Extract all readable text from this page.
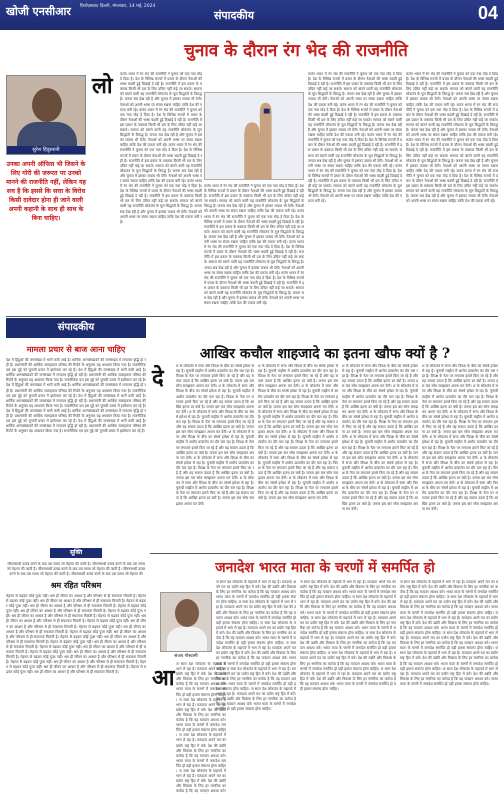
खोजी एनसीआर फ़िरोज़ाबाद दिल्ली, मंगलवार, 14 मई, 2024
संपादकीय	04
चुनाव के दौरान रंग भेद की राजनीति
सुरेश हिंदुस्तानी
उनका अपनी ऑफिस भी जिसने के लिए गोरी की जरूरत पर उनको मानने की राजनीति नहीं, लेकिन यह सच है कि इससे कि सत्ता के विरोध किसी दावेदार होना ही जाने वाली अपनी कहानी के साथ ही साथ के बिना चाहिए।
लो कतंत्र भारत में रंग भेद की राजनीति ने चुनाव को एक नया मोड़ दे दिया है। देश के विभिन्न राज्यों में प्रचार के दौरान नेताओं की भाषा बदली हुई दिखाई दे रही है। राजनीति में इस प्रकार के वक्तव्य किसी भी दल के लिए उचित नहीं कहे जा सकते। समाज को बांटने वाली यह राजनीति लोकतंत्र के मूल सिद्धांतों के विरुद्ध है। जनता सब देख रही है और चुनाव में इसका जवाब भी देगी। नेताओं को अपनी भाषा पर संयम रखना चाहिए ताकि देश की एकता बनी रहे। कतंत्र भारत में रंग भेद की राजनीति ने चुनाव को एक नया मोड़ दे दिया है। देश के विभिन्न राज्यों में प्रचार के दौरान नेताओं की भाषा बदली हुई दिखाई दे रही है। राजनीति में इस प्रकार के वक्तव्य किसी भी दल के लिए उचित नहीं कहे जा सकते। समाज को बांटने वाली यह राजनीति लोकतंत्र के मूल सिद्धांतों के विरुद्ध है। जनता सब देख रही है और चुनाव में इसका जवाब भी देगी। नेताओं को अपनी भाषा पर संयम रखना चाहिए ताकि देश की एकता बनी रहे। कतंत्र भारत में रंग भेद की राजनीति ने चुनाव को एक नया मोड़ दे दिया है। देश के विभिन्न राज्यों में प्रचार के दौरान नेताओं की भाषा बदली हुई दिखाई दे रही है। राजनीति में इस प्रकार के वक्तव्य किसी भी दल के लिए उचित नहीं कहे जा सकते। समाज को बांटने वाली यह राजनीति लोकतंत्र के मूल सिद्धांतों के विरुद्ध है। जनता सब देख रही है और चुनाव में इसका जवाब भी देगी। नेताओं को अपनी भाषा पर संयम रखना चाहिए ताकि देश की एकता बनी रहे। कतंत्र भारत में रंग भेद की राजनीति ने चुनाव को एक नया मोड़ दे दिया है। देश के विभिन्न राज्यों में प्रचार के दौरान नेताओं की भाषा बदली हुई दिखाई दे रही है। राजनीति में इस प्रकार के वक्तव्य किसी भी दल के लिए उचित नहीं कहे जा सकते। समाज को बांटने वाली यह राजनीति लोकतंत्र के मूल सिद्धांतों के विरुद्ध है। जनता सब देख रही है और चुनाव में इसका जवाब भी देगी। नेताओं को अपनी भाषा पर संयम रखना चाहिए ताकि देश की एकता बनी रहे।
कतंत्र भारत में रंग भेद की राजनीति ने चुनाव को एक नया मोड़ दे दिया है। देश के विभिन्न राज्यों में प्रचार के दौरान नेताओं की भाषा बदली हुई दिखाई दे रही है। राजनीति में इस प्रकार के वक्तव्य किसी भी दल के लिए उचित नहीं कहे जा सकते। समाज को बांटने वाली यह राजनीति लोकतंत्र के मूल सिद्धांतों के विरुद्ध है। जनता सब देख रही है और चुनाव में इसका जवाब भी देगी। नेताओं को अपनी भाषा पर संयम रखना चाहिए ताकि देश की एकता बनी रहे। कतंत्र भारत में रंग भेद की राजनीति ने चुनाव को एक नया मोड़ दे दिया है। देश के विभिन्न राज्यों में प्रचार के दौरान नेताओं की भाषा बदली हुई दिखाई दे रही है। राजनीति में इस प्रकार के वक्तव्य किसी भी दल के लिए उचित नहीं कहे जा सकते। समाज को बांटने वाली यह राजनीति लोकतंत्र के मूल सिद्धांतों के विरुद्ध है। जनता सब देख रही है और चुनाव में इसका जवाब भी देगी। नेताओं को अपनी भाषा पर संयम रखना चाहिए ताकि देश की एकता बनी रहे। कतंत्र भारत में रंग भेद की राजनीति ने चुनाव को एक नया मोड़ दे दिया है। देश के विभिन्न राज्यों में प्रचार के दौरान नेताओं की भाषा बदली हुई दिखाई दे रही है। राजनीति में इस प्रकार के वक्तव्य किसी भी दल के लिए उचित नहीं कहे जा सकते। समाज को बांटने वाली यह राजनीति लोकतंत्र के मूल सिद्धांतों के विरुद्ध है। जनता सब देख रही है और चुनाव में इसका जवाब भी देगी। नेताओं को अपनी भाषा पर संयम रखना चाहिए ताकि देश की एकता बनी रहे। कतंत्र भारत में रंग भेद की राजनीति ने चुनाव को एक नया मोड़ दे दिया है। देश के विभिन्न राज्यों में प्रचार के दौरान नेताओं की भाषा बदली हुई दिखाई दे रही है। राजनीति में इस प्रकार के वक्तव्य किसी भी दल के लिए उचित नहीं कहे जा सकते। समाज को बांटने वाली यह राजनीति लोकतंत्र के मूल सिद्धांतों के विरुद्ध है। जनता सब देख रही है और चुनाव में इसका जवाब भी देगी। नेताओं को अपनी भाषा पर संयम रखना चाहिए ताकि देश की एकता बनी रहे।
कतंत्र भारत में रंग भेद की राजनीति ने चुनाव को एक नया मोड़ दे दिया है। देश के विभिन्न राज्यों में प्रचार के दौरान नेताओं की भाषा बदली हुई दिखाई दे रही है। राजनीति में इस प्रकार के वक्तव्य किसी भी दल के लिए उचित नहीं कहे जा सकते। समाज को बांटने वाली यह राजनीति लोकतंत्र के मूल सिद्धांतों के विरुद्ध है। जनता सब देख रही है और चुनाव में इसका जवाब भी देगी। नेताओं को अपनी भाषा पर संयम रखना चाहिए ताकि देश की एकता बनी रहे। कतंत्र भारत में रंग भेद की राजनीति ने चुनाव को एक नया मोड़ दे दिया है। देश के विभिन्न राज्यों में प्रचार के दौरान नेताओं की भाषा बदली हुई दिखाई दे रही है। राजनीति में इस प्रकार के वक्तव्य किसी भी दल के लिए उचित नहीं कहे जा सकते। समाज को बांटने वाली यह राजनीति लोकतंत्र के मूल सिद्धांतों के विरुद्ध है। जनता सब देख रही है और चुनाव में इसका जवाब भी देगी। नेताओं को अपनी भाषा पर संयम रखना चाहिए ताकि देश की एकता बनी रहे। कतंत्र भारत में रंग भेद की राजनीति ने चुनाव को एक नया मोड़ दे दिया है। देश के विभिन्न राज्यों में प्रचार के दौरान नेताओं की भाषा बदली हुई दिखाई दे रही है। राजनीति में इस प्रकार के वक्तव्य किसी भी दल के लिए उचित नहीं कहे जा सकते। समाज को बांटने वाली यह राजनीति लोकतंत्र के मूल सिद्धांतों के विरुद्ध है। जनता सब देख रही है और चुनाव में इसका जवाब भी देगी। नेताओं को अपनी भाषा पर संयम रखना चाहिए ताकि देश की एकता बनी रहे। कतंत्र भारत में रंग भेद की राजनीति ने चुनाव को एक नया मोड़ दे दिया है। देश के विभिन्न राज्यों में प्रचार के दौरान नेताओं की भाषा बदली हुई दिखाई दे रही है। राजनीति में इस प्रकार के वक्तव्य किसी भी दल के लिए उचित नहीं कहे जा सकते। समाज को बांटने वाली यह राजनीति लोकतंत्र के मूल सिद्धांतों के विरुद्ध है। जनता सब देख रही है और चुनाव में इसका जवाब भी देगी। नेताओं को अपनी भाषा पर संयम रखना चाहिए ताकि देश की एकता बनी रहे।
कतंत्र भारत में रंग भेद की राजनीति ने चुनाव को एक नया मोड़ दे दिया है। देश के विभिन्न राज्यों में प्रचार के दौरान नेताओं की भाषा बदली हुई दिखाई दे रही है। राजनीति में इस प्रकार के वक्तव्य किसी भी दल के लिए उचित नहीं कहे जा सकते। समाज को बांटने वाली यह राजनीति लोकतंत्र के मूल सिद्धांतों के विरुद्ध है। जनता सब देख रही है और चुनाव में इसका जवाब भी देगी। नेताओं को अपनी भाषा पर संयम रखना चाहिए ताकि देश की एकता बनी रहे। कतंत्र भारत में रंग भेद की राजनीति ने चुनाव को एक नया मोड़ दे दिया है। देश के विभिन्न राज्यों में प्रचार के दौरान नेताओं की भाषा बदली हुई दिखाई दे रही है। राजनीति में इस प्रकार के वक्तव्य किसी भी दल के लिए उचित नहीं कहे जा सकते। समाज को बांटने वाली यह राजनीति लोकतंत्र के मूल सिद्धांतों के विरुद्ध है। जनता सब देख रही है और चुनाव में इसका जवाब भी देगी। नेताओं को अपनी भाषा पर संयम रखना चाहिए ताकि देश की एकता बनी रहे। कतंत्र भारत में रंग भेद की राजनीति ने चुनाव को एक नया मोड़ दे दिया है। देश के विभिन्न राज्यों में प्रचार के दौरान नेताओं की भाषा बदली हुई दिखाई दे रही है। राजनीति में इस प्रकार के वक्तव्य किसी भी दल के लिए उचित नहीं कहे जा सकते। समाज को बांटने वाली यह राजनीति लोकतंत्र के मूल सिद्धांतों के विरुद्ध है। जनता सब देख रही है और चुनाव में इसका जवाब भी देगी। नेताओं को अपनी भाषा पर संयम रखना चाहिए ताकि देश की एकता बनी रहे। कतंत्र भारत में रंग भेद की राजनीति ने चुनाव को एक नया मोड़ दे दिया है। देश के विभिन्न राज्यों में प्रचार के दौरान नेताओं की भाषा बदली हुई दिखाई दे रही है। राजनीति में इस प्रकार के वक्तव्य किसी भी दल के लिए उचित नहीं कहे जा सकते। समाज को बांटने वाली यह राजनीति लोकतंत्र के मूल सिद्धांतों के विरुद्ध है। जनता सब देख रही है और चुनाव में इसका जवाब भी देगी। नेताओं को अपनी भाषा पर संयम रखना चाहिए ताकि देश की एकता बनी रहे।
संपादकीय
मामला प्रचार से बाज आना चाहिए
देश में हिंदुओं की जनसंख्या में भारी कमी आई है। धार्मिक अल्पसंख्यकों की जनसंख्या में लगातार वृद्धि हो रही है। प्रधानमंत्री की आर्थिक सलाहकार परिषद की रिपोर्ट के अनुसार यह अध्ययन किया गया है। राजनीतिक दल इस मुद्दे को चुनावी प्रचार में इस्तेमाल कर रहे हैं। देश में हिंदुओं की जनसंख्या में भारी कमी आई है। धार्मिक अल्पसंख्यकों की जनसंख्या में लगातार वृद्धि हो रही है। प्रधानमंत्री की आर्थिक सलाहकार परिषद की रिपोर्ट के अनुसार यह अध्ययन किया गया है। राजनीतिक दल इस मुद्दे को चुनावी प्रचार में इस्तेमाल कर रहे हैं। देश में हिंदुओं की जनसंख्या में भारी कमी आई है। धार्मिक अल्पसंख्यकों की जनसंख्या में लगातार वृद्धि हो रही है। प्रधानमंत्री की आर्थिक सलाहकार परिषद की रिपोर्ट के अनुसार यह अध्ययन किया गया है। राजनीतिक दल इस मुद्दे को चुनावी प्रचार में इस्तेमाल कर रहे हैं। देश में हिंदुओं की जनसंख्या में भारी कमी आई है। धार्मिक अल्पसंख्यकों की जनसंख्या में लगातार वृद्धि हो रही है। प्रधानमंत्री की आर्थिक सलाहकार परिषद की रिपोर्ट के अनुसार यह अध्ययन किया गया है। राजनीतिक दल इस मुद्दे को चुनावी प्रचार में इस्तेमाल कर रहे हैं। देश में हिंदुओं की जनसंख्या में भारी कमी आई है। धार्मिक अल्पसंख्यकों की जनसंख्या में लगातार वृद्धि हो रही है। प्रधानमंत्री की आर्थिक सलाहकार परिषद की रिपोर्ट के अनुसार यह अध्ययन किया गया है। राजनीतिक दल इस मुद्दे को चुनावी प्रचार में इस्तेमाल कर रहे हैं। देश में हिंदुओं की जनसंख्या में भारी कमी आई है। धार्मिक अल्पसंख्यकों की जनसंख्या में लगातार वृद्धि हो रही है। प्रधानमंत्री की आर्थिक सलाहकार परिषद की रिपोर्ट के अनुसार यह अध्ययन किया गया है। राजनीतिक दल इस मुद्दे को चुनावी प्रचार में इस्तेमाल कर रहे हैं।
सूक्ति
जीवनसाथी उत्पन्न करने के बाद उस समय जो मेहनत की जाती है। जीवनसाथी उत्पन्न करने के बाद उस समय जो मेहनत की जाती है। जीवनसाथी उत्पन्न करने के बाद उस समय जो मेहनत की जाती है। जीवनसाथी उत्पन्न करने के बाद उस समय जो मेहनत की जाती है। जीवनसाथी उत्पन्न करने के बाद उस समय जो मेहनत की
श्रम रहित परिश्रम
मेहनत से बढ़कर कोई पूजा नहीं। श्रम ही जीवन का आधार है और परिश्रम से ही सफलता मिलती है। मेहनत से बढ़कर कोई पूजा नहीं। श्रम ही जीवन का आधार है और परिश्रम से ही सफलता मिलती है। मेहनत से बढ़कर कोई पूजा नहीं। श्रम ही जीवन का आधार है और परिश्रम से ही सफलता मिलती है। मेहनत से बढ़कर कोई पूजा नहीं। श्रम ही जीवन का आधार है और परिश्रम से ही सफलता मिलती है। मेहनत से बढ़कर कोई पूजा नहीं। श्रम ही जीवन का आधार है और परिश्रम से ही सफलता मिलती है। मेहनत से बढ़कर कोई पूजा नहीं। श्रम ही जीवन का आधार है और परिश्रम से ही सफलता मिलती है। मेहनत से बढ़कर कोई पूजा नहीं। श्रम ही जीवन का आधार है और परिश्रम से ही सफलता मिलती है। मेहनत से बढ़कर कोई पूजा नहीं। श्रम ही जीवन का आधार है और परिश्रम से ही सफलता मिलती है। मेहनत से बढ़कर कोई पूजा नहीं। श्रम ही जीवन का आधार है और परिश्रम से ही सफलता मिलती है। मेहनत से बढ़कर कोई पूजा नहीं। श्रम ही जीवन का आधार है और परिश्रम से ही सफलता मिलती है। मेहनत से बढ़कर कोई पूजा नहीं। श्रम ही जीवन का आधार है और परिश्रम से ही सफलता मिलती है। मेहनत से बढ़कर कोई पूजा नहीं। श्रम ही जीवन का आधार है और परिश्रम से ही सफलता मिलती है। मेहनत से बढ़कर कोई पूजा नहीं। श्रम ही जीवन का आधार है और परिश्रम से ही सफलता मिलती है। मेहनत से बढ़कर कोई पूजा नहीं। श्रम ही जीवन का आधार है और परिश्रम से ही सफलता मिलती है। मेहनत से बढ़कर कोई पूजा नहीं। श्रम ही जीवन का आधार है और परिश्रम से ही सफलता मिलती है। मेहनत से बढ़कर कोई पूजा नहीं। श्रम ही जीवन का आधार है और परिश्रम से ही सफलता मिलती है। मेहनत से बढ़कर कोई पूजा नहीं। श्रम ही जीवन का आधार है और परिश्रम से ही सफलता मिलती है।
आखिर कचौल शाहजादे का इतना खौफ क्यों है ?
दे	श के लोकतंत्र में सत्ता और विपक्ष के बीच का संघर्ष हमेशा से रहा है। चुनावी माहौल में आरोप प्रत्यारोप का दौर चल रहा है। विपक्ष के नेता पर लगातार हमले किए जा रहे हैं और यह सवाल उठता है कि आखिर इतना डर क्यों है। जनता इस बार सोच समझकर अपना मत देगी। श के लोकतंत्र में सत्ता और विपक्ष के बीच का संघर्ष हमेशा से रहा है। चुनावी माहौल में आरोप प्रत्यारोप का दौर चल रहा है। विपक्ष के नेता पर लगातार हमले किए जा रहे हैं और यह सवाल उठता है कि आखिर इतना डर क्यों है। जनता इस बार सोच समझकर अपना मत देगी। श के लोकतंत्र में सत्ता और विपक्ष के बीच का संघर्ष हमेशा से रहा है। चुनावी माहौल में आरोप प्रत्यारोप का दौर चल रहा है। विपक्ष के नेता पर लगातार हमले किए जा रहे हैं और यह सवाल उठता है कि आखिर इतना डर क्यों है। जनता इस बार सोच समझकर अपना मत देगी। श के लोकतंत्र में सत्ता और विपक्ष के बीच का संघर्ष हमेशा से रहा है। चुनावी माहौल में आरोप प्रत्यारोप का दौर चल रहा है। विपक्ष के नेता पर लगातार हमले किए जा रहे हैं और यह सवाल उठता है कि आखिर इतना डर क्यों है। जनता इस बार सोच समझकर अपना मत देगी। श के लोकतंत्र में सत्ता और विपक्ष के बीच का संघर्ष हमेशा से रहा है। चुनावी माहौल में आरोप प्रत्यारोप का दौर चल रहा है। विपक्ष के नेता पर लगातार हमले किए जा रहे हैं और यह सवाल उठता है कि आखिर इतना डर क्यों है। जनता इस बार सोच समझकर अपना मत देगी। श के लोकतंत्र में सत्ता और विपक्ष के बीच का संघर्ष हमेशा से रहा है। चुनावी माहौल में आरोप प्रत्यारोप का दौर चल रहा है। विपक्ष के नेता पर लगातार हमले किए जा रहे हैं और यह सवाल उठता है कि आखिर इतना डर क्यों है। जनता इस बार सोच समझकर अपना मत देगी।
श के लोकतंत्र में सत्ता और विपक्ष के बीच का संघर्ष हमेशा से रहा है। चुनावी माहौल में आरोप प्रत्यारोप का दौर चल रहा है। विपक्ष के नेता पर लगातार हमले किए जा रहे हैं और यह सवाल उठता है कि आखिर इतना डर क्यों है। जनता इस बार सोच समझकर अपना मत देगी। श के लोकतंत्र में सत्ता और विपक्ष के बीच का संघर्ष हमेशा से रहा है। चुनावी माहौल में आरोप प्रत्यारोप का दौर चल रहा है। विपक्ष के नेता पर लगातार हमले किए जा रहे हैं और यह सवाल उठता है कि आखिर इतना डर क्यों है। जनता इस बार सोच समझकर अपना मत देगी। श के लोकतंत्र में सत्ता और विपक्ष के बीच का संघर्ष हमेशा से रहा है। चुनावी माहौल में आरोप प्रत्यारोप का दौर चल रहा है। विपक्ष के नेता पर लगातार हमले किए जा रहे हैं और यह सवाल उठता है कि आखिर इतना डर क्यों है। जनता इस बार सोच समझकर अपना मत देगी। श के लोकतंत्र में सत्ता और विपक्ष के बीच का संघर्ष हमेशा से रहा है। चुनावी माहौल में आरोप प्रत्यारोप का दौर चल रहा है। विपक्ष के नेता पर लगातार हमले किए जा रहे हैं और यह सवाल उठता है कि आखिर इतना डर क्यों है। जनता इस बार सोच समझकर अपना मत देगी। श के लोकतंत्र में सत्ता और विपक्ष के बीच का संघर्ष हमेशा से रहा है। चुनावी माहौल में आरोप प्रत्यारोप का दौर चल रहा है। विपक्ष के नेता पर लगातार हमले किए जा रहे हैं और यह सवाल उठता है कि आखिर इतना डर क्यों है। जनता इस बार सोच समझकर अपना मत देगी। श के लोकतंत्र में सत्ता और विपक्ष के बीच का संघर्ष हमेशा से रहा है। चुनावी माहौल में आरोप प्रत्यारोप का दौर चल रहा है। विपक्ष के नेता पर लगातार हमले किए जा रहे हैं और यह सवाल उठता है कि आखिर इतना डर क्यों है। जनता इस बार सोच समझकर अपना मत देगी।
श के लोकतंत्र में सत्ता और विपक्ष के बीच का संघर्ष हमेशा से रहा है। चुनावी माहौल में आरोप प्रत्यारोप का दौर चल रहा है। विपक्ष के नेता पर लगातार हमले किए जा रहे हैं और यह सवाल उठता है कि आखिर इतना डर क्यों है। जनता इस बार सोच समझकर अपना मत देगी। श के लोकतंत्र में सत्ता और विपक्ष के बीच का संघर्ष हमेशा से रहा है। चुनावी माहौल में आरोप प्रत्यारोप का दौर चल रहा है। विपक्ष के नेता पर लगातार हमले किए जा रहे हैं और यह सवाल उठता है कि आखिर इतना डर क्यों है। जनता इस बार सोच समझकर अपना मत देगी। श के लोकतंत्र में सत्ता और विपक्ष के बीच का संघर्ष हमेशा से रहा है। चुनावी माहौल में आरोप प्रत्यारोप का दौर चल रहा है। विपक्ष के नेता पर लगातार हमले किए जा रहे हैं और यह सवाल उठता है कि आखिर इतना डर क्यों है। जनता इस बार सोच समझकर अपना मत देगी। श के लोकतंत्र में सत्ता और विपक्ष के बीच का संघर्ष हमेशा से रहा है। चुनावी माहौल में आरोप प्रत्यारोप का दौर चल रहा है। विपक्ष के नेता पर लगातार हमले किए जा रहे हैं और यह सवाल उठता है कि आखिर इतना डर क्यों है। जनता इस बार सोच समझकर अपना मत देगी। श के लोकतंत्र में सत्ता और विपक्ष के बीच का संघर्ष हमेशा से रहा है। चुनावी माहौल में आरोप प्रत्यारोप का दौर चल रहा है। विपक्ष के नेता पर लगातार हमले किए जा रहे हैं और यह सवाल उठता है कि आखिर इतना डर क्यों है। जनता इस बार सोच समझकर अपना मत देगी। श के लोकतंत्र में सत्ता और विपक्ष के बीच का संघर्ष हमेशा से रहा है। चुनावी माहौल में आरोप प्रत्यारोप का दौर चल रहा है। विपक्ष के नेता पर लगातार हमले किए जा रहे हैं और यह सवाल उठता है कि आखिर इतना डर क्यों है। जनता इस बार सोच समझकर अपना मत देगी।
श के लोकतंत्र में सत्ता और विपक्ष के बीच का संघर्ष हमेशा से रहा है। चुनावी माहौल में आरोप प्रत्यारोप का दौर चल रहा है। विपक्ष के नेता पर लगातार हमले किए जा रहे हैं और यह सवाल उठता है कि आखिर इतना डर क्यों है। जनता इस बार सोच समझकर अपना मत देगी। श के लोकतंत्र में सत्ता और विपक्ष के बीच का संघर्ष हमेशा से रहा है। चुनावी माहौल में आरोप प्रत्यारोप का दौर चल रहा है। विपक्ष के नेता पर लगातार हमले किए जा रहे हैं और यह सवाल उठता है कि आखिर इतना डर क्यों है। जनता इस बार सोच समझकर अपना मत देगी। श के लोकतंत्र में सत्ता और विपक्ष के बीच का संघर्ष हमेशा से रहा है। चुनावी माहौल में आरोप प्रत्यारोप का दौर चल रहा है। विपक्ष के नेता पर लगातार हमले किए जा रहे हैं और यह सवाल उठता है कि आखिर इतना डर क्यों है। जनता इस बार सोच समझकर अपना मत देगी। श के लोकतंत्र में सत्ता और विपक्ष के बीच का संघर्ष हमेशा से रहा है। चुनावी माहौल में आरोप प्रत्यारोप का दौर चल रहा है। विपक्ष के नेता पर लगातार हमले किए जा रहे हैं और यह सवाल उठता है कि आखिर इतना डर क्यों है। जनता इस बार सोच समझकर अपना मत देगी। श के लोकतंत्र में सत्ता और विपक्ष के बीच का संघर्ष हमेशा से रहा है। चुनावी माहौल में आरोप प्रत्यारोप का दौर चल रहा है। विपक्ष के नेता पर लगातार हमले किए जा रहे हैं और यह सवाल उठता है कि आखिर इतना डर क्यों है। जनता इस बार सोच समझकर अपना मत देगी। श के लोकतंत्र में सत्ता और विपक्ष के बीच का संघर्ष हमेशा से रहा है। चुनावी माहौल में आरोप प्रत्यारोप का दौर चल रहा है। विपक्ष के नेता पर लगातार हमले किए जा रहे हैं और यह सवाल उठता है कि आखिर इतना डर क्यों है। जनता इस बार सोच समझकर अपना मत देगी।
जनादेश भारत माता के चरणों में समर्पित हो
संजय गोस्वामी
आ
ज सारा देश लोकतंत्र के महापर्व में भाग ले रहा है। मतदाता अपने मत का प्रयोग राष्ट्र हित में करें। देश की उन्नति और विकास के लिए हर नागरिक का कर्तव्य है कि वह मतदान अवश्य करे। भारत माता के चरणों में जनादेश समर्पित हो यही हमारा संकल्प होना चाहिए। ज सारा देश लोकतंत्र के महापर्व में भाग ले रहा है। मतदाता अपने मत का प्रयोग राष्ट्र हित में करें। देश की उन्नति और विकास के लिए हर नागरिक का कर्तव्य है कि वह मतदान अवश्य करे। भारत माता के चरणों में जनादेश समर्पित हो यही हमारा संकल्प होना चाहिए। ज सारा देश लोकतंत्र के महापर्व में भाग ले रहा है। मतदाता अपने मत का प्रयोग राष्ट्र हित में करें। देश की उन्नति और विकास के लिए हर नागरिक का कर्तव्य है कि वह मतदान अवश्य करे। भारत माता के चरणों में जनादेश समर्पित हो यही हमारा संकल्प होना चाहिए। ज सारा देश लोकतंत्र के महापर्व में भाग ले रहा है। मतदाता अपने मत का प्रयोग राष्ट्र हित में करें। देश की उन्नति और विकास के लिए हर नागरिक का कर्तव्य है कि वह मतदान अवश्य करे।
ज सारा देश लोकतंत्र के महापर्व में भाग ले रहा है। मतदाता अपने मत का प्रयोग राष्ट्र हित में करें। देश की उन्नति और विकास के लिए हर नागरिक का कर्तव्य है कि वह मतदान अवश्य करे। भारत माता के चरणों में जनादेश समर्पित हो यही हमारा संकल्प होना चाहिए। ज सारा देश लोकतंत्र के महापर्व में भाग ले रहा है। मतदाता अपने मत का प्रयोग राष्ट्र हित में करें। देश की उन्नति और विकास के लिए हर नागरिक का कर्तव्य है कि वह मतदान अवश्य करे। भारत माता के चरणों में जनादेश समर्पित हो यही हमारा संकल्प होना चाहिए। ज सारा देश लोकतंत्र के महापर्व में भाग ले रहा है। मतदाता अपने मत का प्रयोग राष्ट्र हित में करें। देश की उन्नति और विकास के लिए हर नागरिक का कर्तव्य है कि वह मतदान अवश्य करे। भारत माता के चरणों में जनादेश समर्पित हो यही हमारा संकल्प होना चाहिए। ज सारा देश लोकतंत्र के महापर्व में भाग ले रहा है। मतदाता अपने मत का प्रयोग राष्ट्र हित में करें। देश की उन्नति और विकास के लिए हर नागरिक का कर्तव्य है कि वह मतदान अवश्य करे। भारत माता के चरणों में जनादेश समर्पित हो यही हमारा संकल्प होना चाहिए। ज सारा देश लोकतंत्र के महापर्व में भाग ले रहा है। मतदाता अपने मत का प्रयोग राष्ट्र हित में करें। देश की उन्नति और विकास के लिए हर नागरिक का कर्तव्य है कि वह मतदान अवश्य करे। भारत माता के चरणों में जनादेश समर्पित हो यही हमारा संकल्प होना चाहिए। ज सारा देश लोकतंत्र के महापर्व में भाग ले रहा है। मतदाता अपने मत का प्रयोग राष्ट्र हित में करें। देश की उन्नति और विकास के लिए हर नागरिक का कर्तव्य है कि वह मतदान अवश्य करे। भारत माता के चरणों में जनादेश समर्पित हो यही हमारा संकल्प होना चाहिए।
ज सारा देश लोकतंत्र के महापर्व में भाग ले रहा है। मतदाता अपने मत का प्रयोग राष्ट्र हित में करें। देश की उन्नति और विकास के लिए हर नागरिक का कर्तव्य है कि वह मतदान अवश्य करे। भारत माता के चरणों में जनादेश समर्पित हो यही हमारा संकल्प होना चाहिए। ज सारा देश लोकतंत्र के महापर्व में भाग ले रहा है। मतदाता अपने मत का प्रयोग राष्ट्र हित में करें। देश की उन्नति और विकास के लिए हर नागरिक का कर्तव्य है कि वह मतदान अवश्य करे। भारत माता के चरणों में जनादेश समर्पित हो यही हमारा संकल्प होना चाहिए। ज सारा देश लोकतंत्र के महापर्व में भाग ले रहा है। मतदाता अपने मत का प्रयोग राष्ट्र हित में करें। देश की उन्नति और विकास के लिए हर नागरिक का कर्तव्य है कि वह मतदान अवश्य करे। भारत माता के चरणों में जनादेश समर्पित हो यही हमारा संकल्प होना चाहिए। ज सारा देश लोकतंत्र के महापर्व में भाग ले रहा है। मतदाता अपने मत का प्रयोग राष्ट्र हित में करें। देश की उन्नति और विकास के लिए हर नागरिक का कर्तव्य है कि वह मतदान अवश्य करे। भारत माता के चरणों में जनादेश समर्पित हो यही हमारा संकल्प होना चाहिए। ज सारा देश लोकतंत्र के महापर्व में भाग ले रहा है। मतदाता अपने मत का प्रयोग राष्ट्र हित में करें। देश की उन्नति और विकास के लिए हर नागरिक का कर्तव्य है कि वह मतदान अवश्य करे। भारत माता के चरणों में जनादेश समर्पित हो यही हमारा संकल्प होना चाहिए। ज सारा देश लोकतंत्र के महापर्व में भाग ले रहा है। मतदाता अपने मत का प्रयोग राष्ट्र हित में करें। देश की उन्नति और विकास के लिए हर नागरिक का कर्तव्य है कि वह मतदान अवश्य करे। भारत माता के चरणों में जनादेश समर्पित हो यही हमारा संकल्प होना चाहिए।
ज सारा देश लोकतंत्र के महापर्व में भाग ले रहा है। मतदाता अपने मत का प्रयोग राष्ट्र हित में करें। देश की उन्नति और विकास के लिए हर नागरिक का कर्तव्य है कि वह मतदान अवश्य करे। भारत माता के चरणों में जनादेश समर्पित हो यही हमारा संकल्प होना चाहिए। ज सारा देश लोकतंत्र के महापर्व में भाग ले रहा है। मतदाता अपने मत का प्रयोग राष्ट्र हित में करें। देश की उन्नति और विकास के लिए हर नागरिक का कर्तव्य है कि वह मतदान अवश्य करे। भारत माता के चरणों में जनादेश समर्पित हो यही हमारा संकल्प होना चाहिए। ज सारा देश लोकतंत्र के महापर्व में भाग ले रहा है। मतदाता अपने मत का प्रयोग राष्ट्र हित में करें। देश की उन्नति और विकास के लिए हर नागरिक का कर्तव्य है कि वह मतदान अवश्य करे। भारत माता के चरणों में जनादेश समर्पित हो यही हमारा संकल्प होना चाहिए। ज सारा देश लोकतंत्र के महापर्व में भाग ले रहा है। मतदाता अपने मत का प्रयोग राष्ट्र हित में करें। देश की उन्नति और विकास के लिए हर नागरिक का कर्तव्य है कि वह मतदान अवश्य करे। भारत माता के चरणों में जनादेश समर्पित हो यही हमारा संकल्प होना चाहिए। ज सारा देश लोकतंत्र के महापर्व में भाग ले रहा है। मतदाता अपने मत का प्रयोग राष्ट्र हित में करें। देश की उन्नति और विकास के लिए हर नागरिक का कर्तव्य है कि वह मतदान अवश्य करे। भारत माता के चरणों में जनादेश समर्पित हो यही हमारा संकल्प होना चाहिए। ज सारा देश लोकतंत्र के महापर्व में भाग ले रहा है। मतदाता अपने मत का प्रयोग राष्ट्र हित में करें। देश की उन्नति और विकास के लिए हर नागरिक का कर्तव्य है कि वह मतदान अवश्य करे। भारत माता के चरणों में जनादेश समर्पित हो यही हमारा संकल्प होना चाहिए।
